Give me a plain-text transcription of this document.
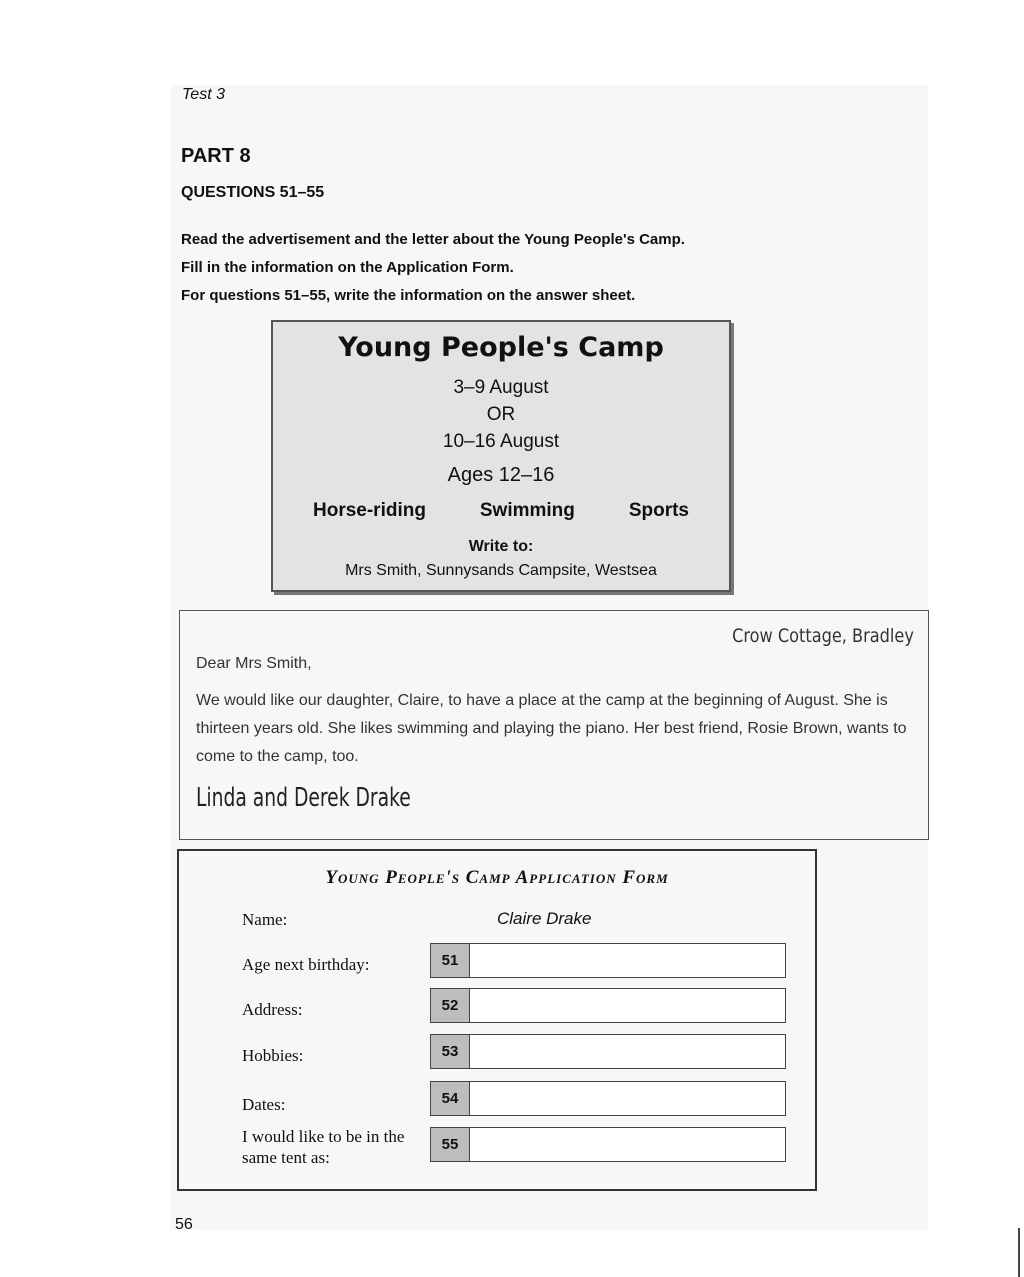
Test 3
PART 8
QUESTIONS 51–55
Read the advertisement and the letter about the Young People's Camp.
Fill in the information on the Application Form.
For questions 51–55, write the information on the answer sheet.
Young People's Camp
3–9 August
OR
10–16 August
Ages 12–16
Horse-riding	Swimming	Sports
Write to:
Mrs Smith, Sunnysands Campsite, Westsea
Crow Cottage, Bradley
Dear Mrs Smith,
We would like our daughter, Claire, to have a place at the camp at the beginning of August. She is thirteen years old. She likes swimming and playing the piano. Her best friend, Rosie Brown, wants to come to the camp, too.
Linda and Derek Drake
Young People's Camp Application Form
Name:	Claire Drake
Age next birthday:	51
Address:	52
Hobbies:	53
Dates:	54
I would like to be in the same tent as:
55
56
